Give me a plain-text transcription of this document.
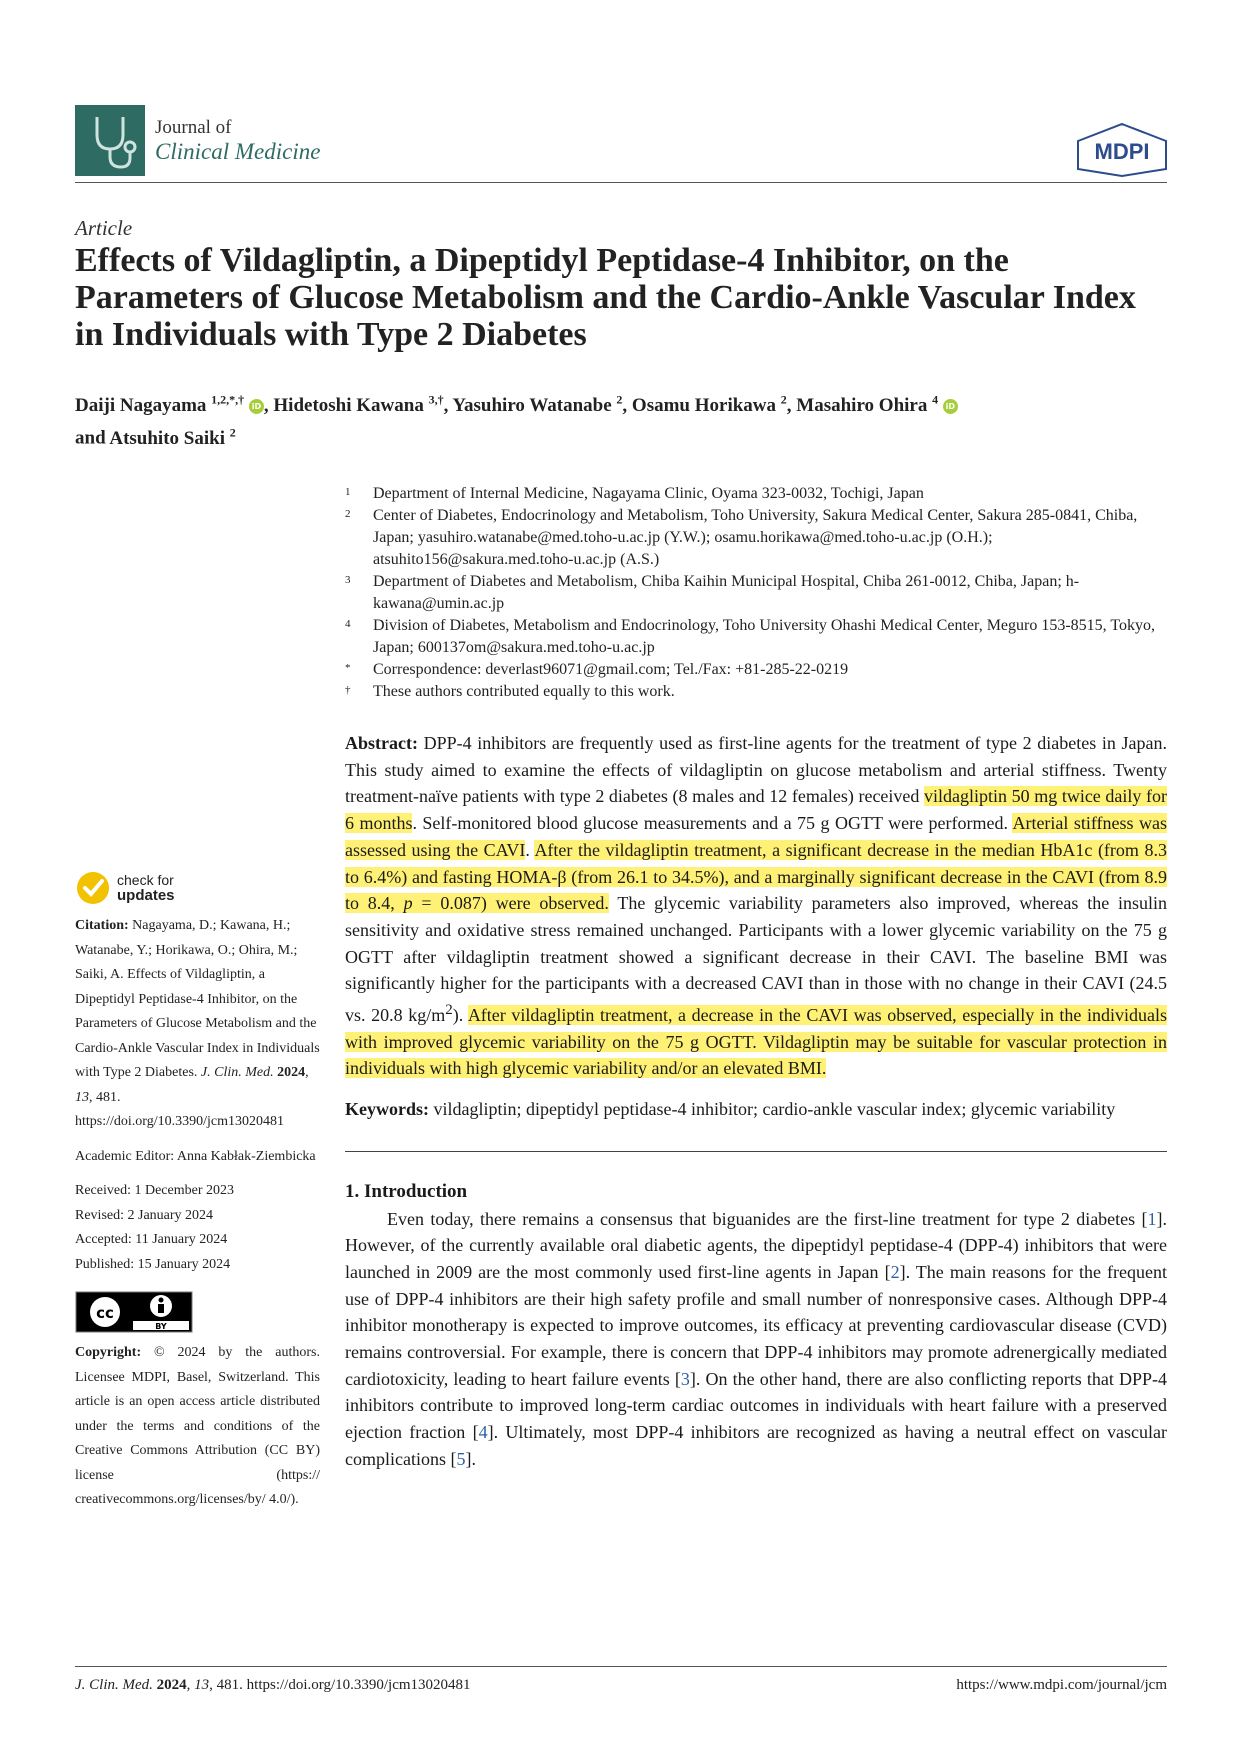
Journal of
Clinical Medicine	MDPI
Article
Effects of Vildagliptin, a Dipeptidyl Peptidase-4 Inhibitor, on the Parameters of Glucose Metabolism and the Cardio-Ankle Vascular Index in Individuals with Type 2 Diabetes
Daiji Nagayama $^{1,2,*,\dagger}$ iD , Hidetoshi Kawana $^{3,\dagger}$, Yasuhiro Watanabe $^2$, Osamu Horikawa $^2$, Masahiro Ohira $^4$ iD
and Atsuhito Saiki $^2$
1 Department of Internal Medicine, Nagayama Clinic, Oyama 323-0032, Tochigi, Japan
2 Center of Diabetes, Endocrinology and Metabolism, Toho University, Sakura Medical Center, Sakura 285-0841, Chiba, Japan; yasuhiro.watanabe@med.toho-u.ac.jp (Y.W.); osamu.horikawa@med.toho-u.ac.jp (O.H.); atsuhito156@sakura.med.toho-u.ac.jp (A.S.)
3 Department of Diabetes and Metabolism, Chiba Kaihin Municipal Hospital, Chiba 261-0012, Chiba, Japan; h-kawana@umin.ac.jp
4 Division of Diabetes, Metabolism and Endocrinology, Toho University Ohashi Medical Center, Meguro 153-8515, Tokyo, Japan; 600137om@sakura.med.toho-u.ac.jp
* Correspondence: deverlast96071@gmail.com; Tel./Fax: +81-285-22-0219
† These authors contributed equally to this work.
check for
updates
Citation: Nagayama, D.; Kawana, H.; Watanabe, Y.; Horikawa, O.; Ohira, M.; Saiki, A. Effects of Vildagliptin, a Dipeptidyl Peptidase-4 Inhibitor, on the Parameters of Glucose Metabolism and the Cardio-Ankle Vascular Index in Individuals with Type 2 Diabetes. J. Clin. Med. 2024, 13, 481. https://doi.org/10.3390/jcm13020481
Academic Editor: Anna Kabłak-Ziembicka
Received: 1 December 2023
Revised: 2 January 2024
Accepted: 11 January 2024
Published: 15 January 2024
cc
BY
Copyright: © 2024 by the authors. Licensee MDPI, Basel, Switzerland. This article is an open access article distributed under the terms and conditions of the Creative Commons Attribution (CC BY) license (https:// creativecommons.org/licenses/by/ 4.0/).
Abstract: DPP-4 inhibitors are frequently used as first-line agents for the treatment of type 2 diabetes in Japan. This study aimed to examine the effects of vildagliptin on glucose metabolism and arterial stiffness. Twenty treatment-naïve patients with type 2 diabetes (8 males and 12 females) received vildagliptin 50 mg twice daily for 6 months. Self-monitored blood glucose measurements and a 75 g OGTT were performed. Arterial stiffness was assessed using the CAVI. After the vildagliptin treatment, a significant decrease in the median HbA1c (from 8.3 to 6.4%) and fasting HOMA-β (from 26.1 to 34.5%), and a marginally significant decrease in the CAVI (from 8.9 to 8.4, p = 0.087) were observed. The glycemic variability parameters also improved, whereas the insulin sensitivity and oxidative stress remained unchanged. Participants with a lower glycemic variability on the 75 g OGTT after vildagliptin treatment showed a significant decrease in their CAVI. The baseline BMI was significantly higher for the participants with a decreased CAVI than in those with no change in their CAVI (24.5 vs. 20.8 $kg/m^2$). After vildagliptin treatment, a decrease in the CAVI was observed, especially in the individuals with improved glycemic variability on the 75 g OGTT. Vildagliptin may be suitable for vascular protection in individuals with high glycemic variability and/or an elevated BMI.
Keywords: vildagliptin; dipeptidyl peptidase-4 inhibitor; cardio-ankle vascular index; glycemic variability
1. Introduction
Even today, there remains a consensus that biguanides are the first-line treatment for type 2 diabetes [1]. However, of the currently available oral diabetic agents, the dipeptidyl peptidase-4 (DPP-4) inhibitors that were launched in 2009 are the most commonly used first-line agents in Japan [2]. The main reasons for the frequent use of DPP-4 inhibitors are their high safety profile and small number of nonresponsive cases. Although DPP-4 inhibitor monotherapy is expected to improve outcomes, its efficacy at preventing cardiovascular disease (CVD) remains controversial. For example, there is concern that DPP-4 inhibitors may promote adrenergically mediated cardiotoxicity, leading to heart failure events [3]. On the other hand, there are also conflicting reports that DPP-4 inhibitors contribute to improved long-term cardiac outcomes in individuals with heart failure with a preserved ejection fraction [4]. Ultimately, most DPP-4 inhibitors are recognized as having a neutral effect on vascular complications [5].
J. Clin. Med. 2024, 13, 481. https://doi.org/10.3390/jcm13020481	https://www.mdpi.com/journal/jcm
